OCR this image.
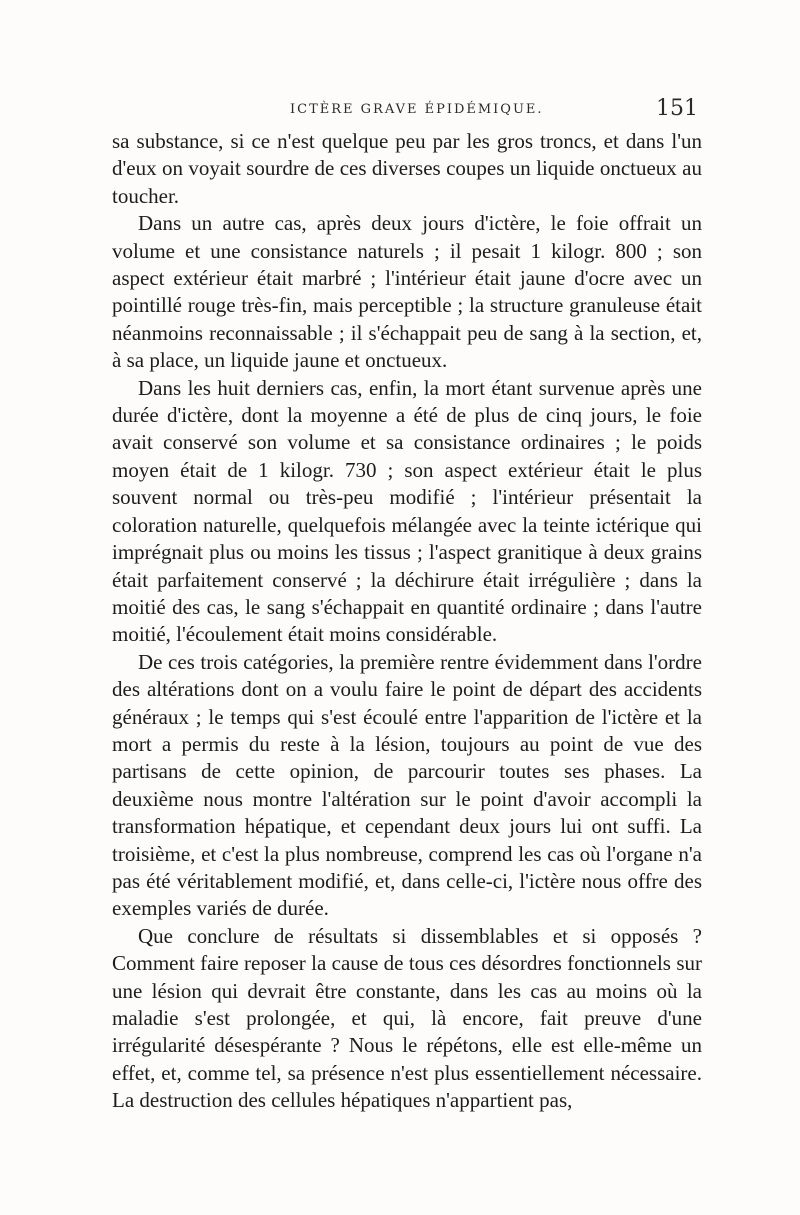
ICTÈRE GRAVE ÉPIDÉMIQUE.	151

sa substance, si ce n'est quelque peu par les gros troncs, et dans l'un d'eux on voyait sourdre de ces diverses coupes un liquide onctueux au toucher.

Dans un autre cas, après deux jours d'ictère, le foie offrait un volume et une consistance naturels ; il pesait 1 kilogr. 800 ; son aspect extérieur était marbré ; l'intérieur était jaune d'ocre avec un pointillé rouge très-fin, mais perceptible ; la structure granuleuse était néanmoins reconnaissable ; il s'échappait peu de sang à la section, et, à sa place, un liquide jaune et onctueux.

Dans les huit derniers cas, enfin, la mort étant survenue après une durée d'ictère, dont la moyenne a été de plus de cinq jours, le foie avait conservé son volume et sa consistance ordinaires ; le poids moyen était de 1 kilogr. 730 ; son aspect extérieur était le plus souvent normal ou très-peu modifié ; l'intérieur présentait la coloration naturelle, quelquefois mélangée avec la teinte ictérique qui imprégnait plus ou moins les tissus ; l'aspect granitique à deux grains était parfaitement conservé ; la déchirure était irrégulière ; dans la moitié des cas, le sang s'échappait en quantité ordinaire ; dans l'autre moitié, l'écoulement était moins considérable.

De ces trois catégories, la première rentre évidemment dans l'ordre des altérations dont on a voulu faire le point de départ des accidents généraux ; le temps qui s'est écoulé entre l'apparition de l'ictère et la mort a permis du reste à la lésion, toujours au point de vue des partisans de cette opinion, de parcourir toutes ses phases. La deuxième nous montre l'altération sur le point d'avoir accompli la transformation hépatique, et cependant deux jours lui ont suffi. La troisième, et c'est la plus nombreuse, comprend les cas où l'organe n'a pas été véritablement modifié, et, dans celle-ci, l'ictère nous offre des exemples variés de durée.

Que conclure de résultats si dissemblables et si opposés ? Comment faire reposer la cause de tous ces désordres fonctionnels sur une lésion qui devrait être constante, dans les cas au moins où la maladie s'est prolongée, et qui, là encore, fait preuve d'une irrégularité désespérante ? Nous le répétons, elle est elle-même un effet, et, comme tel, sa présence n'est plus essentiellement nécessaire. La destruction des cellules hépatiques n'appartient pas,
